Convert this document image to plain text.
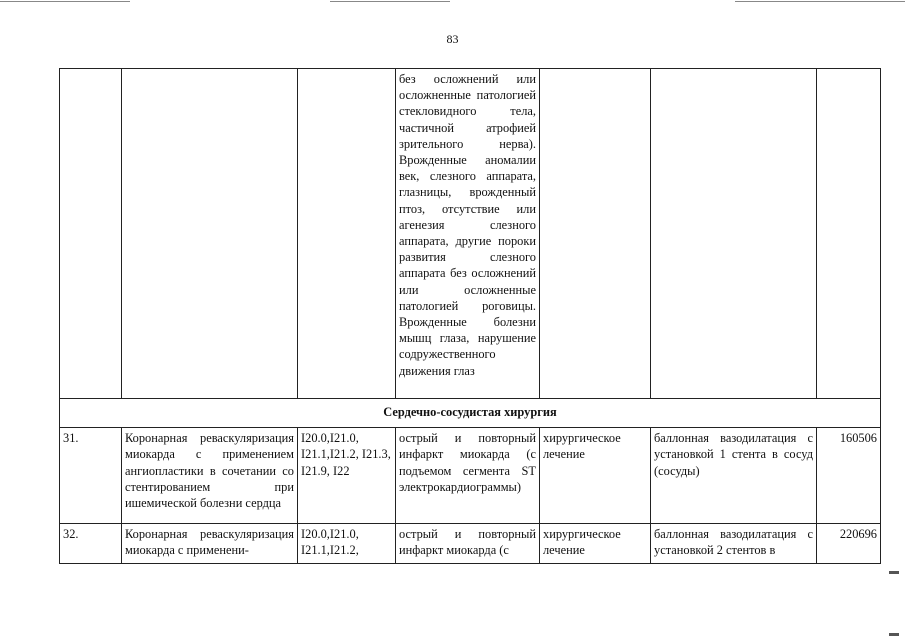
83
			без осложнений или осложненные патологией стекловидного тела, частичной атрофией зрительного нерва). Врожденные аномалии век, слезного аппарата, глазницы, врожденный птоз, отсутствие или агенезия слезного аппарата, другие пороки развития слезного аппарата без осложнений или осложненные патологией роговицы. Врожденные болезни мышц глаза, нарушение содружественного движения глаз			
Сердечно-сосудистая хирургия						
31.	Коронарная реваскуляризация миокарда с применением ангиопластики в сочетании со стентированием при ишемической болезни сердца	I20.0,I21.0, I21.1,I21.2, I21.3, I21.9, I22	острый и повторный инфаркт миокарда (с подъемом сегмента ST электрокардиограммы)	хирургическое лечение	баллонная вазодилатация с установкой 1 стента в сосуд (сосуды)	160506
32.	Коронарная реваскуляризация миокарда с применени-	I20.0,I21.0, I21.1,I21.2,	острый и повторный инфаркт миокарда (с	хирургическое лечение	баллонная вазодилатация с установкой 2 стентов в	220696
▬
▬
